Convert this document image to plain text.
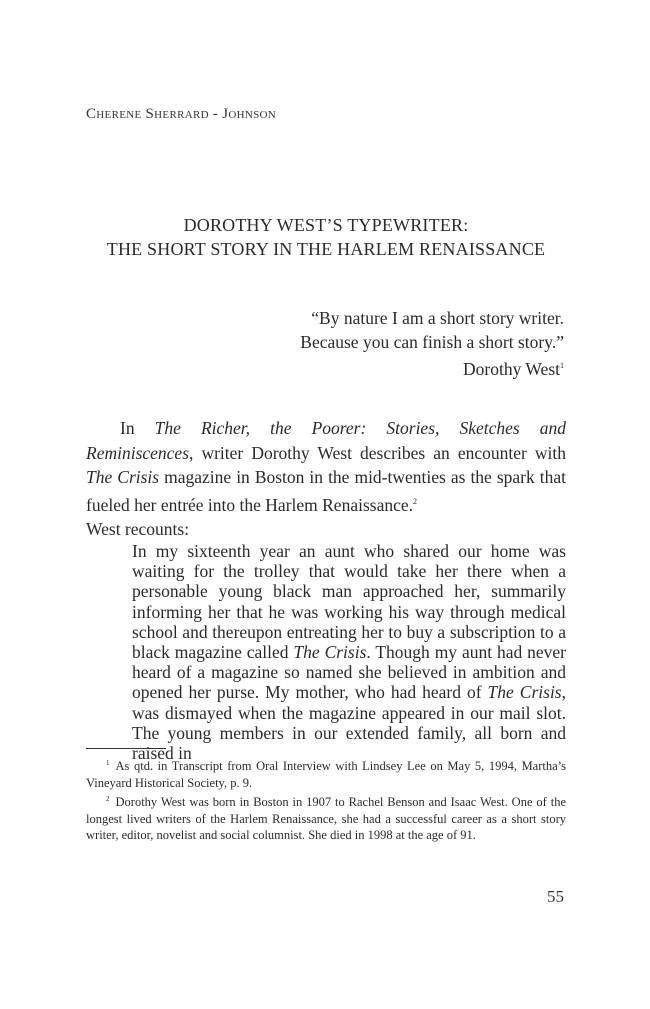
Cherene Sherrard - Johnson
DOROTHY WEST’S TYPEWRITER:
THE SHORT STORY IN THE HARLEM RENAISSANCE
“By nature I am a short story writer.
Because you can finish a short story.”
Dorothy West$^1$

In The Richer, the Poorer: Stories, Sketches and Reminiscences, writer Dorothy West describes an encounter with The Crisis magazine in Boston in the mid-twenties as the spark that fueled her entrée into the Harlem Renaissance.$^2$

West recounts:

In my sixteenth year an aunt who shared our home was waiting for the trolley that would take her there when a personable young black man approached her, summarily informing her that he was working his way through medical school and thereupon entreating her to buy a subscription to a black magazine called The Crisis. Though my aunt had never heard of a magazine so named she believed in ambition and opened her purse. My mother, who had heard of The Crisis, was dismayed when the magazine appeared in our mail slot. The young members in our extended family, all born and raised in

$^1$ As qtd. in Transcript from Oral Interview with Lindsey Lee on May 5, 1994, Martha’s Vineyard Historical Society, p. 9.

$^2$ Dorothy West was born in Boston in 1907 to Rachel Benson and Isaac West. One of the longest lived writers of the Harlem Renaissance, she had a successful career as a short story writer, editor, novelist and social columnist. She died in 1998 at the age of 91.

55
